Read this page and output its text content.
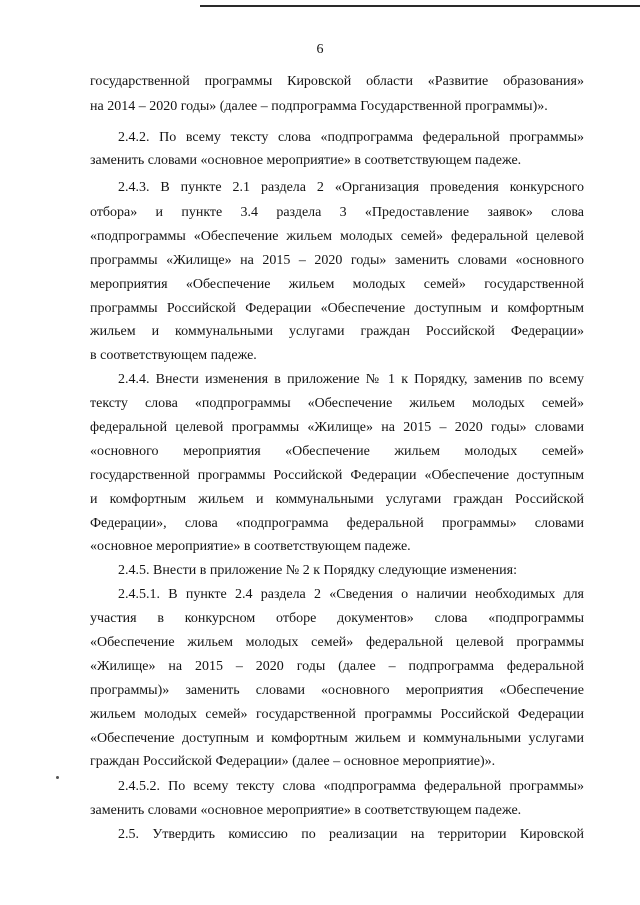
6
государственной программы Кировской области «Развитие образования»
на 2014 – 2020 годы» (далее – подпрограмма Государственной программы)».
2.4.2. По всему тексту слова «подпрограмма федеральной программы»
заменить словами «основное мероприятие» в соответствующем падеже.
2.4.3. В пункте 2.1 раздела 2 «Организация проведения конкурсного
отбора» и пункте 3.4 раздела 3 «Предоставление заявок» слова
«подпрограммы «Обеспечение жильем молодых семей» федеральной целевой
программы «Жилище» на 2015 – 2020 годы» заменить словами «основного
мероприятия «Обеспечение жильем молодых семей» государственной
программы Российской Федерации «Обеспечение доступным и комфортным
жильем и коммунальными услугами граждан Российской Федерации»
в соответствующем падеже.
2.4.4. Внести изменения в приложение № 1 к Порядку, заменив по всему
тексту слова «подпрограммы «Обеспечение жильем молодых семей»
федеральной целевой программы «Жилище» на 2015 – 2020 годы» словами
«основного мероприятия «Обеспечение жильем молодых семей»
государственной программы Российской Федерации «Обеспечение доступным
и комфортным жильем и коммунальными услугами граждан Российской
Федерации», слова «подпрограмма федеральной программы» словами
«основное мероприятие» в соответствующем падеже.
2.4.5. Внести в приложение № 2 к Порядку следующие изменения:
2.4.5.1. В пункте 2.4 раздела 2 «Сведения о наличии необходимых для
участия в конкурсном отборе документов» слова «подпрограммы
«Обеспечение жильем молодых семей» федеральной целевой программы
«Жилище» на 2015 – 2020 годы (далее – подпрограмма федеральной
программы)» заменить словами «основного мероприятия «Обеспечение
жильем молодых семей» государственной программы Российской Федерации
«Обеспечение доступным и комфортным жильем и коммунальными услугами
граждан Российской Федерации» (далее – основное мероприятие)».
2.4.5.2. По всему тексту слова «подпрограмма федеральной программы»
заменить словами «основное мероприятие» в соответствующем падеже.
2.5. Утвердить комиссию по реализации на территории Кировской
